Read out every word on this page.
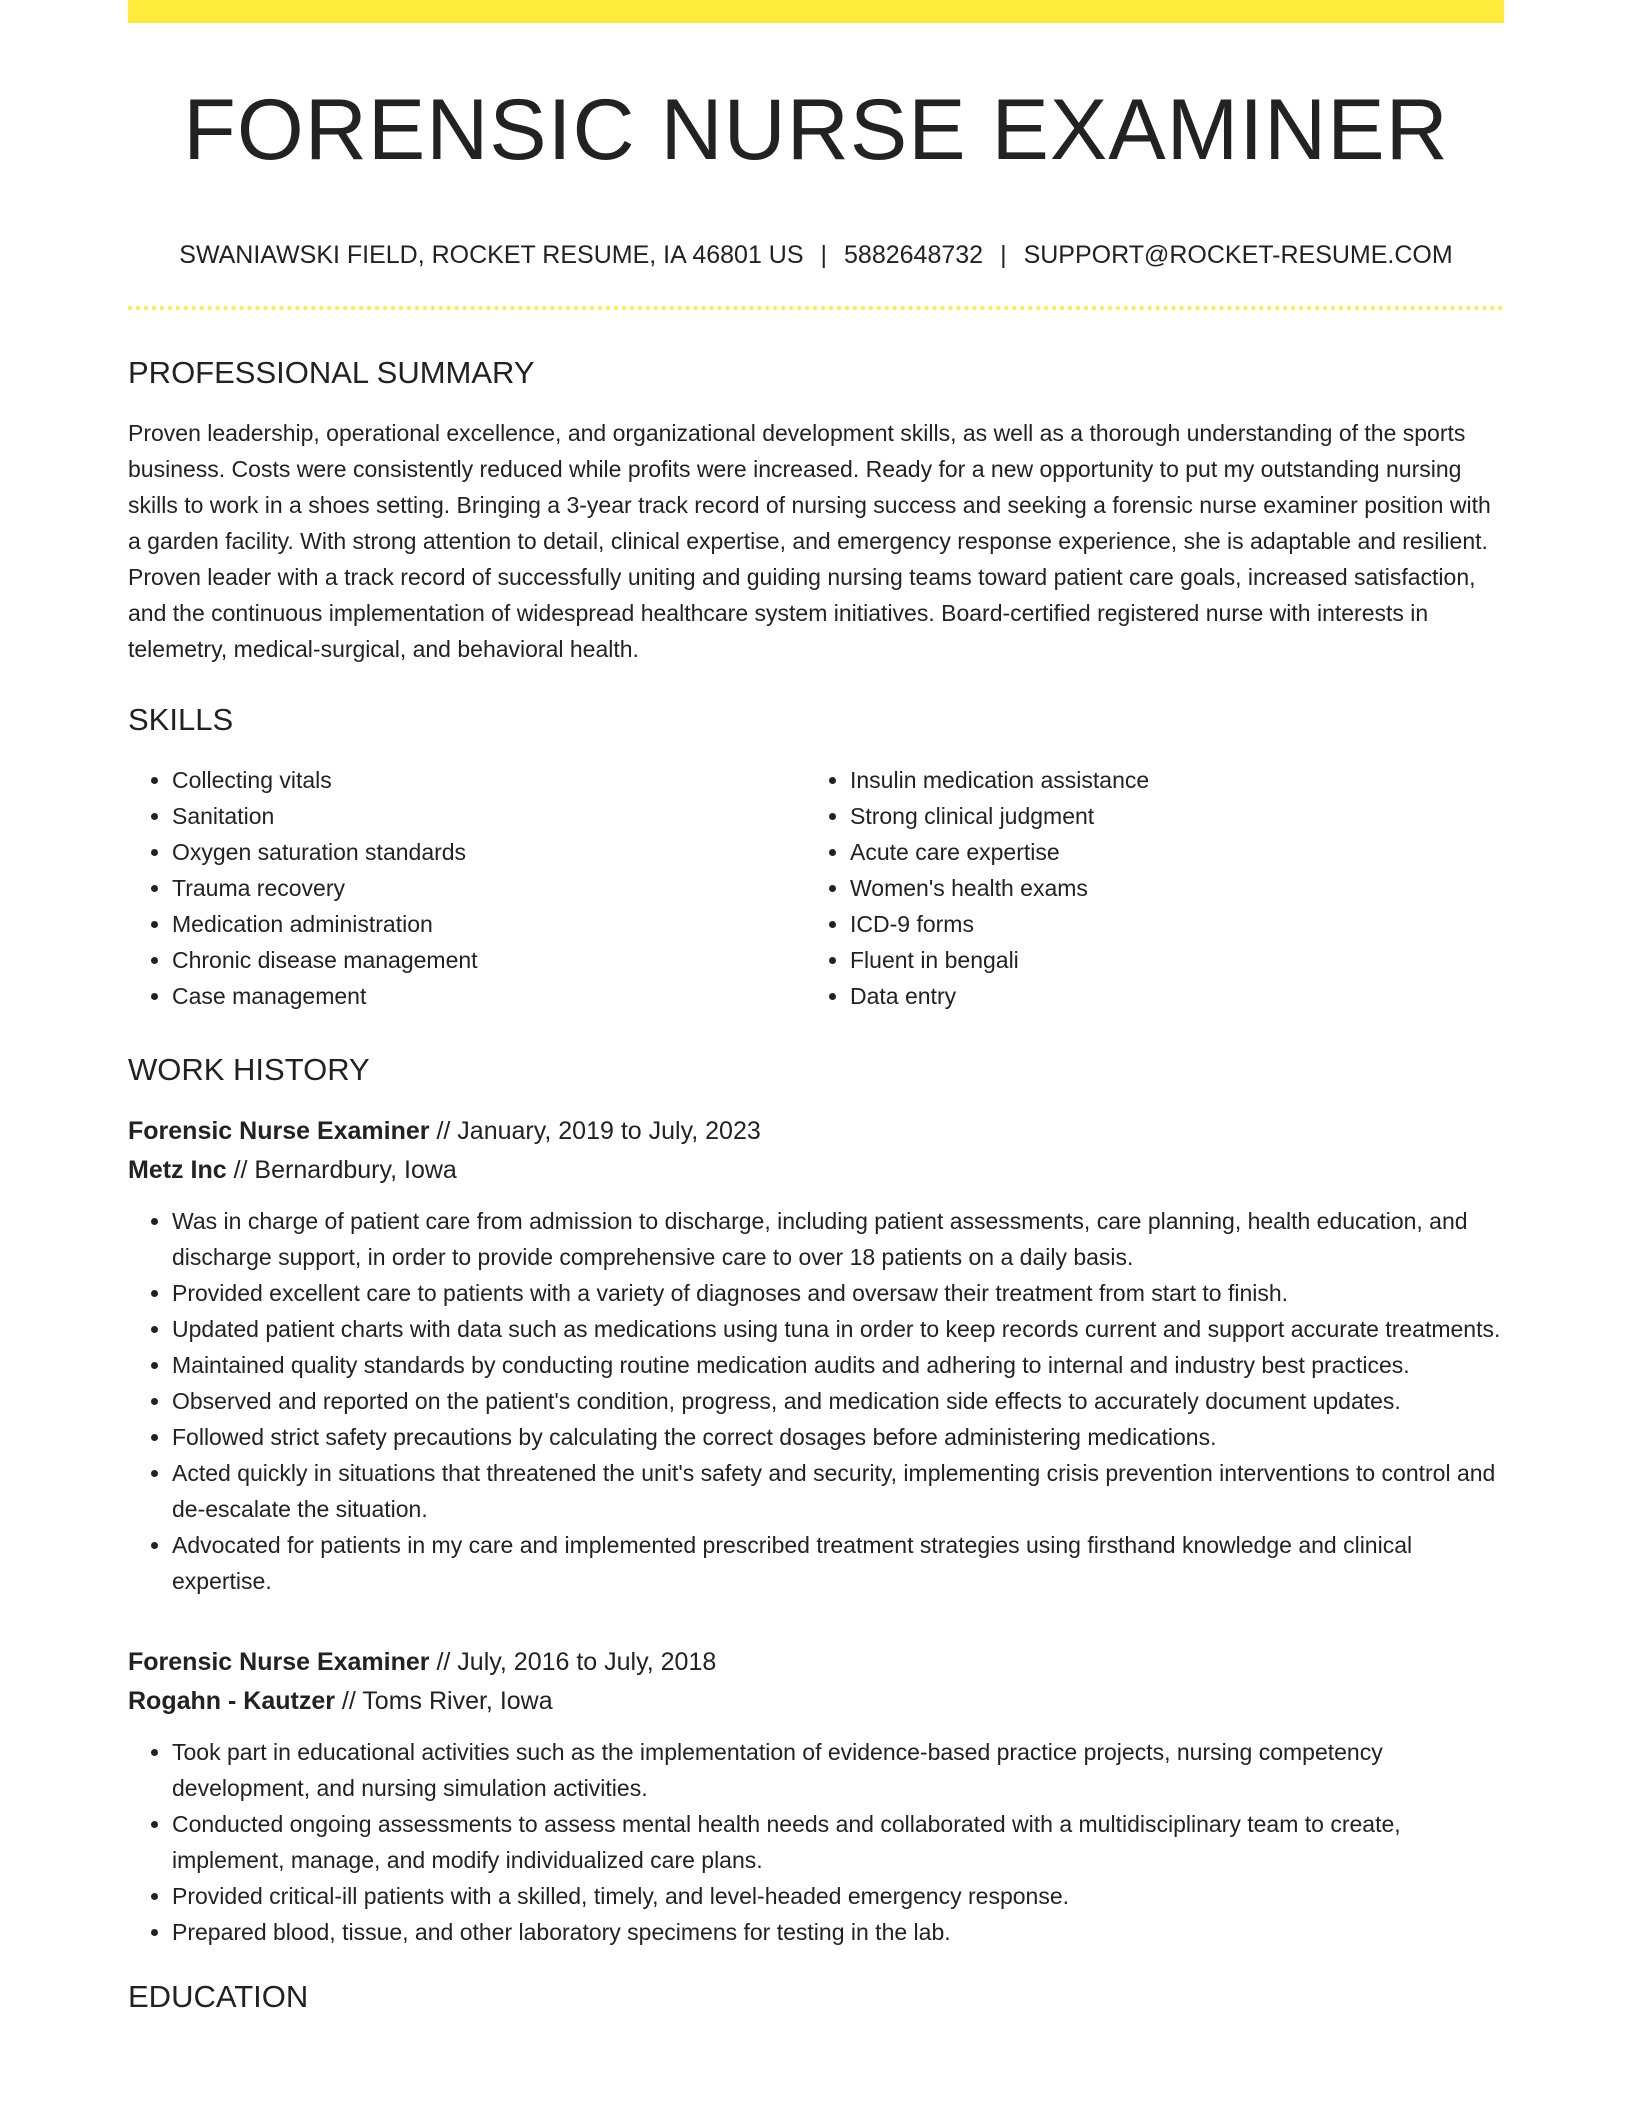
FORENSIC NURSE EXAMINER
SWANIAWSKI FIELD, ROCKET RESUME, IA 46801 US | 5882648732 | SUPPORT@ROCKET-RESUME.COM
PROFESSIONAL SUMMARY
Proven leadership, operational excellence, and organizational development skills, as well as a thorough understanding of the sports business. Costs were consistently reduced while profits were increased. Ready for a new opportunity to put my outstanding nursing skills to work in a shoes setting. Bringing a 3-year track record of nursing success and seeking a forensic nurse examiner position with a garden facility. With strong attention to detail, clinical expertise, and emergency response experience, she is adaptable and resilient. Proven leader with a track record of successfully uniting and guiding nursing teams toward patient care goals, increased satisfaction, and the continuous implementation of widespread healthcare system initiatives. Board-certified registered nurse with interests in telemetry, medical-surgical, and behavioral health.
SKILLS
• Collecting vitals
• Sanitation
• Oxygen saturation standards
• Trauma recovery
• Medication administration
• Chronic disease management
• Case management
• Insulin medication assistance
• Strong clinical judgment
• Acute care expertise
• Women's health exams
• ICD-9 forms
• Fluent in bengali
• Data entry
WORK HISTORY
Forensic Nurse Examiner // January, 2019 to July, 2023
Metz Inc // Bernardbury, Iowa
• Was in charge of patient care from admission to discharge, including patient assessments, care planning, health education, and discharge support, in order to provide comprehensive care to over 18 patients on a daily basis.
• Provided excellent care to patients with a variety of diagnoses and oversaw their treatment from start to finish.
• Updated patient charts with data such as medications using tuna in order to keep records current and support accurate treatments.
• Maintained quality standards by conducting routine medication audits and adhering to internal and industry best practices.
• Observed and reported on the patient's condition, progress, and medication side effects to accurately document updates.
• Followed strict safety precautions by calculating the correct dosages before administering medications.
• Acted quickly in situations that threatened the unit's safety and security, implementing crisis prevention interventions to control and de-escalate the situation.
• Advocated for patients in my care and implemented prescribed treatment strategies using firsthand knowledge and clinical expertise.
Forensic Nurse Examiner // July, 2016 to July, 2018
Rogahn - Kautzer // Toms River, Iowa
• Took part in educational activities such as the implementation of evidence-based practice projects, nursing competency development, and nursing simulation activities.
• Conducted ongoing assessments to assess mental health needs and collaborated with a multidisciplinary team to create, implement, manage, and modify individualized care plans.
• Provided critical-ill patients with a skilled, timely, and level-headed emergency response.
• Prepared blood, tissue, and other laboratory specimens for testing in the lab.
EDUCATION
